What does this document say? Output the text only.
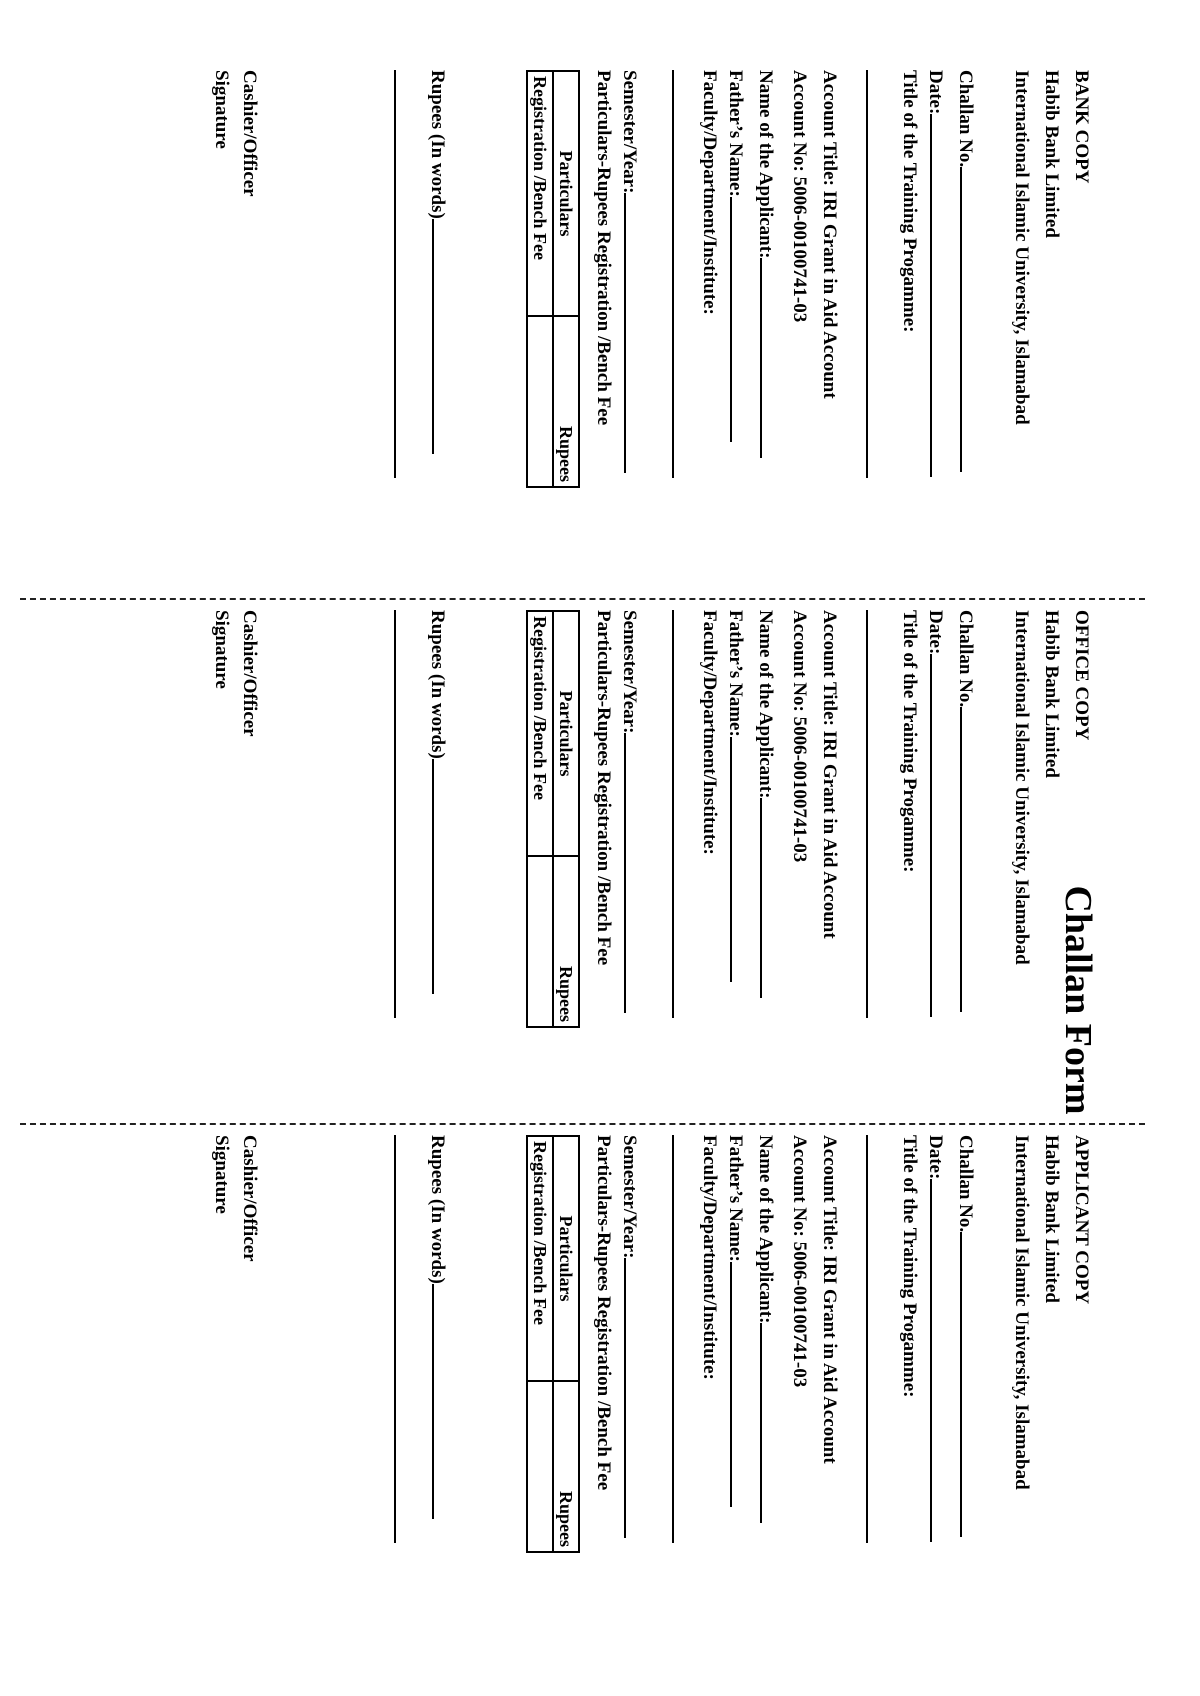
Challan Form
BANK COPY
Habib Bank Limited
International Islamic University, Islamabad
Challan No.
Date:
Title of the Training Progamme:
Account Title: IRI Grant in Aid Account
Account No: 5006-00100741-03
Name of the Applicant:
Father’s Name:
Faculty/Department/Institute:
Semester/Year:
Particulars-Rupees Registration /Bench Fee
Particulars	Rupees
Registration /Bench Fee	
Rupees (In words)
Cashier/Officer
Signature
OFFICE COPY
Habib Bank Limited
International Islamic University, Islamabad
Challan No.
Date:
Title of the Training Progamme:
Account Title: IRI Grant in Aid Account
Account No: 5006-00100741-03
Name of the Applicant:
Father’s Name:
Faculty/Department/Institute:
Semester/Year:
Particulars-Rupees Registration /Bench Fee
Particulars	Rupees
Registration /Bench Fee	
Rupees (In words)
Cashier/Officer
Signature
APPLICANT COPY
Habib Bank Limited
International Islamic University, Islamabad
Challan No.
Date:
Title of the Training Progamme:
Account Title: IRI Grant in Aid Account
Account No: 5006-00100741-03
Name of the Applicant:
Father’s Name:
Faculty/Department/Institute:
Semester/Year:
Particulars-Rupees Registration /Bench Fee
Particulars	Rupees
Registration /Bench Fee	
Rupees (In words)
Cashier/Officer
Signature
